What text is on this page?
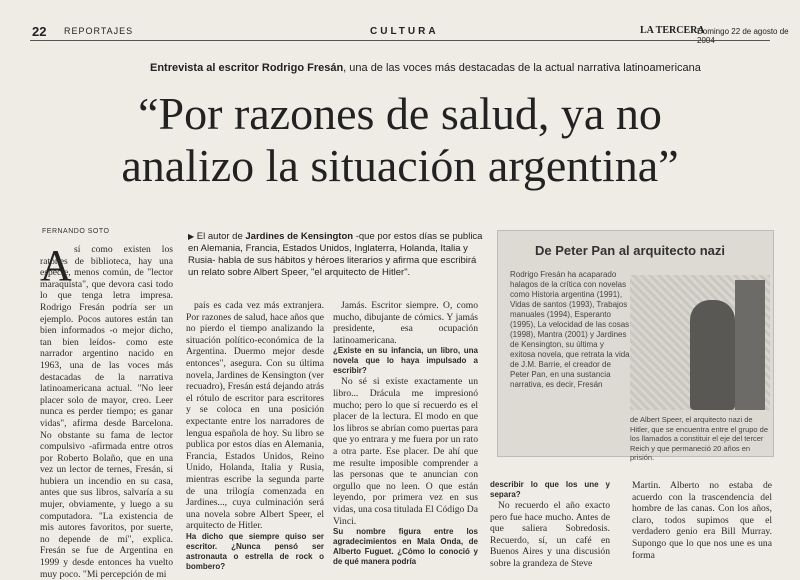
22 REPORTAJES	CULTURA	LA TERCERA
Domingo 22 de agosto de
Entrevista al escritor Rodrigo Fresán, una de las voces más destacadas de la actual narrativa latinoamericana
“Por razones de salud, ya no
analizo la situación argentina”
FERNANDO SOTO
▶ El autor de Jardines de Kensington -que por estos días se publica en Alemania, Francia, Estados Unidos, Inglaterra, Holanda, Italia y Rusia- habla de sus hábitos y héroes literarios y afirma que escribirá un relato sobre Albert Speer, "el arquitecto de Hitler".
De Peter Pan al arquitecto nazi
Rodrigo Fresán ha acaparado halagos de la crítica con novelas como Historia argentina (1991), Vidas de santos (1993), Trabajos manuales (1994), Esperanto (1995), La velocidad de las cosas (1998), Mantra (2001) y Jardines de Kensington, su última y exitosa novela, que retrata la vida de J.M. Barrie, el creador de Peter Pan, en una sustancia narrativa, es decir, Fresán
de Albert Speer, el arquitecto nazi de Hitler, que se encuentra entre el grupo de los llamados a constituir el eje del tercer Reich y que permaneció 20 años en prisión.
A sí como existen los ratones de biblioteca, hay una especie, menos común, de "lector maraquista", que devora casi todo lo que tenga letra impresa. Rodrigo Fresán podría ser un ejemplo. Pocos autores están tan bien informados -o mejor dicho, tan bien leídos- como este narrador argentino nacido en 1963, una de las voces más destacadas de la narrativa latinoamericana actual. "No leer placer solo de mayor, creo. Leer nunca es perder tiempo; es ganar vidas", afirma desde Barcelona. No obstante su fama de lector compulsivo -afirmada entre otros por Roberto Bolaño, que en una vez un lector de ternes, Fresán, si hubiera un incendio en su casa, antes que sus libros, salvaría a su mujer, obviamente, y luego a su computadora. "La existencia de mis autores favoritos, por suerte, no depende de mí", explica. Fresán se fue de Argentina en 1999 y desde entonces ha vuelto muy poco. "Mi percepción de mi

país es cada vez más extranjera. Por razones de salud, hace años que no pierdo el tiempo analizando la situación político-económica de la Argentina. Duermo mejor desde entonces", asegura. Con su última novela, Jardines de Kensington (ver recuadro), Fresán está dejando atrás el rótulo de escritor para escritores y se coloca en una posición expectante entre los narradores de lengua española de hoy. Su libro se publica por estos días en Alemania, Francia, Estados Unidos, Reino Unido, Holanda, Italia y Rusia, mientras escribe la segunda parte de una trilogía comenzada en Jardines..., cuya culminación será una novela sobre Albert Speer, el arquitecto de Hitler.

Ha dicho que siempre quiso ser escritor. ¿Nunca pensó ser astronauta o estrella de rock o bombero?

Jamás. Escritor siempre. O, como mucho, dibujante de cómics. Y jamás presidente, esa ocupación latinoamericana.

¿Existe en su infancia, un libro, una novela que lo haya impulsado a escribir?

No sé si existe exactamente un libro... Drácula me impresionó mucho; pero lo que sí recuerdo es el placer de la lectura. El modo en que los libros se abrían como puertas para que yo entrara y me fuera por un rato a otra parte. Ese placer. De ahí que me resulte imposible comprender a las personas que te anuncian con orgullo que no leen. O que están leyendo, por primera vez en sus vidas, una cosa titulada El Código Da Vinci.

Su nombre figura entre los agradecimientos en Mala Onda, de Alberto Fuguet. ¿Cómo lo conoció y de qué manera podría

describir lo que los une y separa?

No recuerdo el año exacto pero fue hace mucho. Antes de que saliera Sobredosis. Recuerdo, sí, un café en Buenos Aires y una discusión sobre la grandeza de Steve

Martin. Alberto no estaba de acuerdo con la trascendencia del hombre de las canas. Con los años, claro, todos supimos que el verdadero genio era Bill Murray. Supongo que lo que nos une es una forma
